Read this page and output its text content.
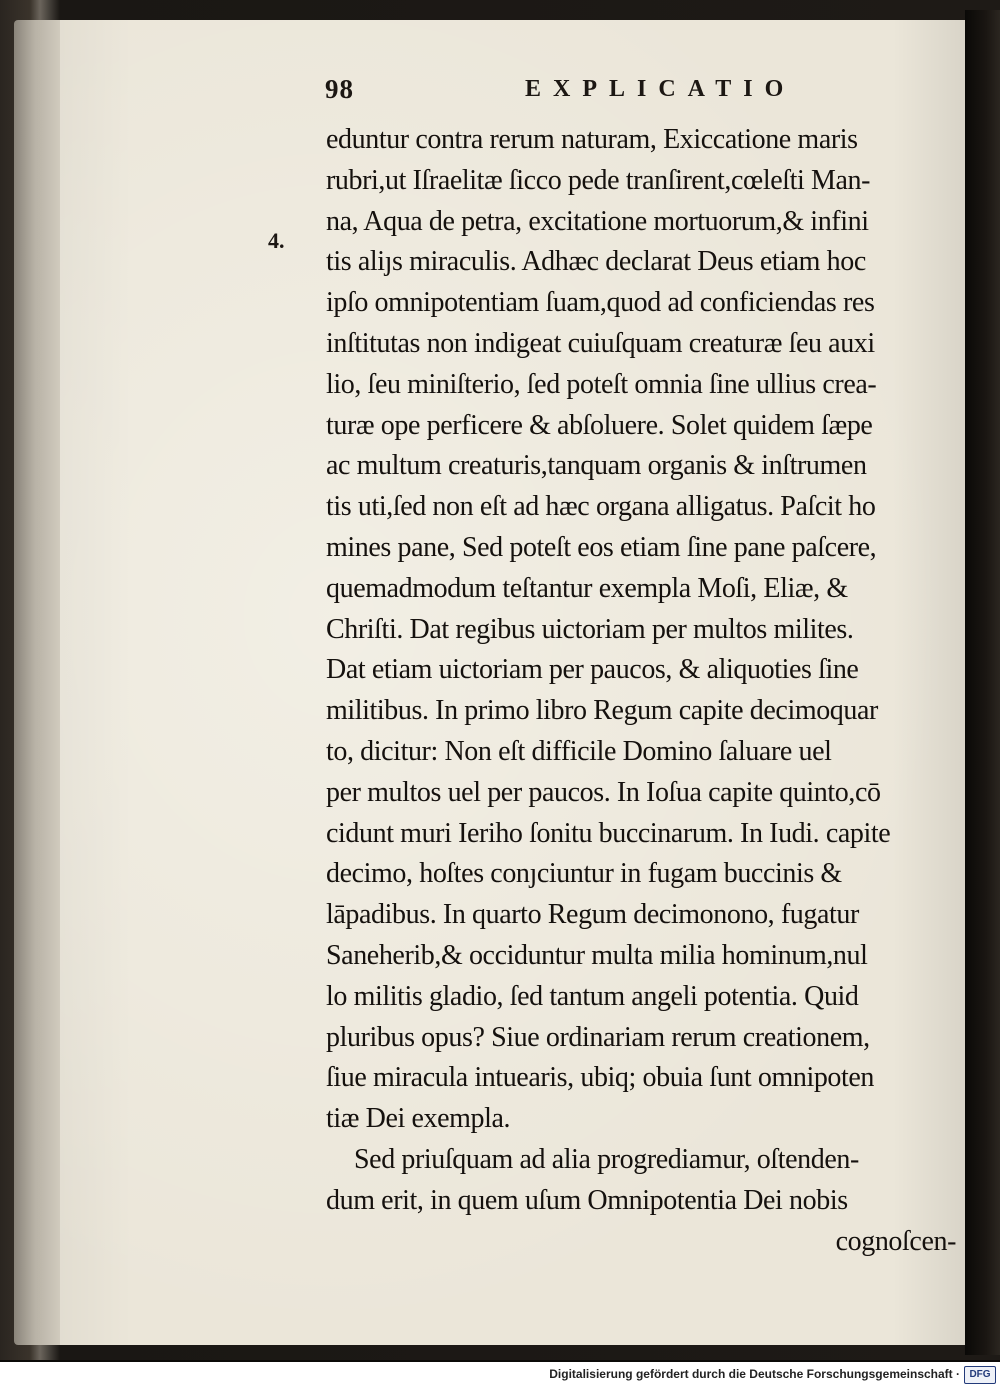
98	EXPLICATIO
4.
eduntur contra rerum naturam, Exiccatione maris
rubri,ut Iſraelitæ ſicco pede tranſirent,cœleſti Man-
na, Aqua de petra, excitatione mortuorum,& infini
tis aliȷs miraculis. Adhæc declarat Deus etiam hoc
ipſo omnipotentiam ſuam,quod ad conficiendas res
inſtitutas non indigeat cuiuſquam creaturæ ſeu auxi
lio, ſeu miniſterio, ſed poteſt omnia ſine ullius crea-
turæ ope perficere & abſoluere. Solet quidem ſæpe
ac multum creaturis,tanquam organis & inſtrumen
tis uti,ſed non eſt ad hæc organa alligatus. Paſcit ho
mines pane, Sed poteſt eos etiam ſine pane paſcere,
quemadmodum teſtantur exempla Moſi, Eliæ, &
Chriſti. Dat regibus uictoriam per multos milites.
Dat etiam uictoriam per paucos, & aliquoties ſine
militibus. In primo libro Regum capite decimoquar
to, dicitur: Non eſt difficile Domino ſaluare uel
per multos uel per paucos. In Ioſua capite quinto,cō
cidunt muri Ieriho ſonitu buccinarum. In Iudi. capite
decimo, hoſtes conȷciuntur in fugam buccinis &
lāpadibus. In quarto Regum decimonono, fugatur
Saneherib,& occiduntur multa milia hominum,nul
lo militis gladio, ſed tantum angeli potentia. Quid
pluribus opus? Siue ordinariam rerum creationem,
ſiue miracula intuearis, ubiq; obuia ſunt omnipoten
tiæ Dei exempla.
Sed priuſquam ad alia progrediamur, oſtenden-
dum erit, in quem uſum Omnipotentia Dei nobis
cognoſcen-
Digitalisierung gefördert durch die Deutsche Forschungsgemeinschaft · DFG
